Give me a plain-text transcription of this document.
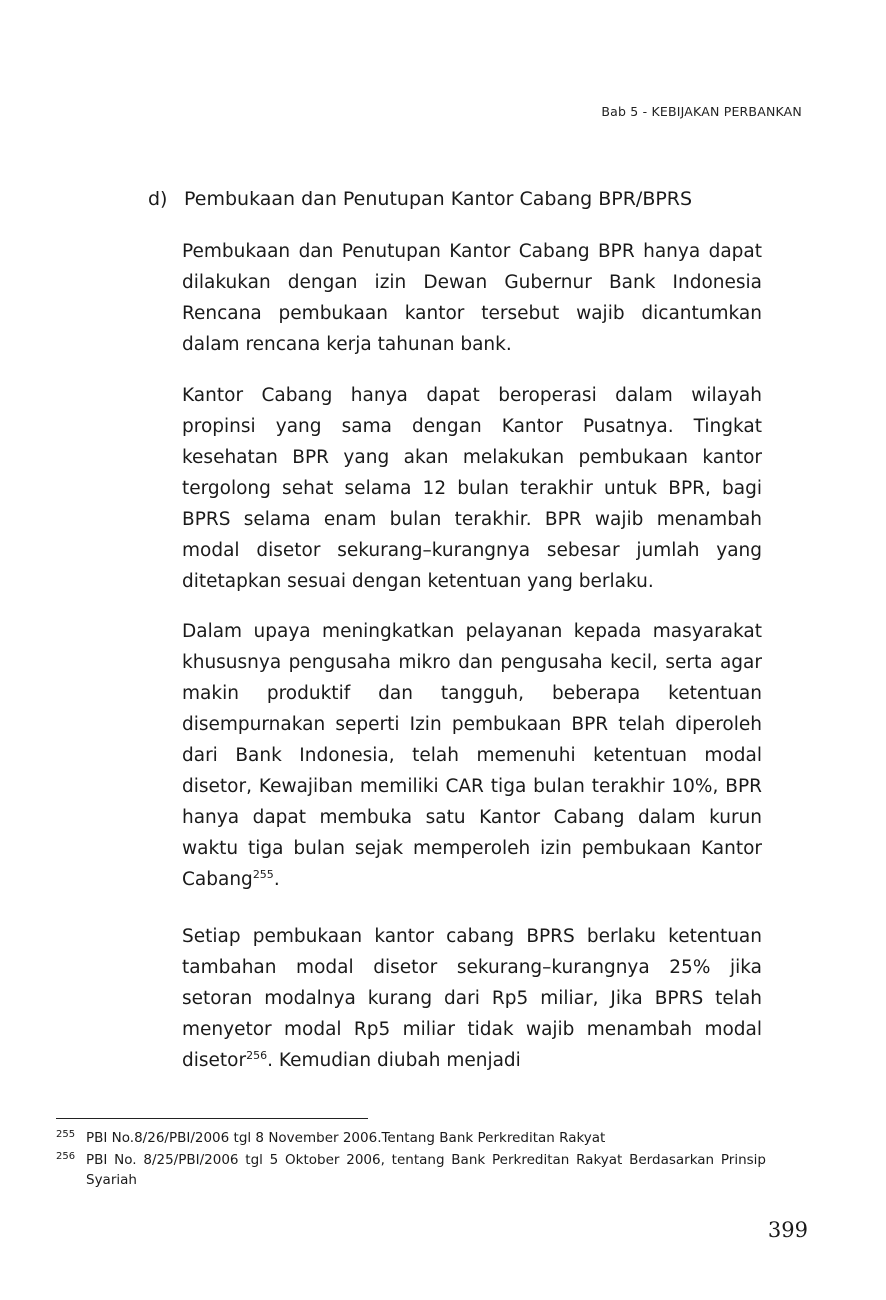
Bab 5 - KEBIJAKAN PERBANKAN
d) Pembukaan dan Penutupan Kantor Cabang BPR/BPRS

Pembukaan dan Penutupan Kantor Cabang BPR hanya dapat dilakukan dengan izin Dewan Gubernur Bank Indonesia Rencana pembukaan kantor tersebut wajib dicantumkan dalam rencana kerja tahunan bank.

Kantor Cabang hanya dapat beroperasi dalam wilayah propinsi yang sama dengan Kantor Pusatnya. Tingkat kesehatan BPR yang akan melakukan pembukaan kantor tergolong sehat selama 12 bulan terakhir untuk BPR, bagi BPRS selama enam bulan terakhir. BPR wajib menambah modal disetor sekurang–kurangnya sebesar jumlah yang ditetapkan sesuai dengan ketentuan yang berlaku.

Dalam upaya meningkatkan pelayanan kepada masyarakat khususnya pengusaha mikro dan pengusaha kecil, serta agar makin produktif dan tangguh, beberapa ketentuan disempurnakan seperti Izin pembukaan BPR telah diperoleh dari Bank Indonesia, telah memenuhi ketentuan modal disetor, Kewajiban memiliki CAR tiga bulan terakhir 10%, BPR hanya dapat membuka satu Kantor Cabang dalam kurun waktu tiga bulan sejak memperoleh izin pembukaan Kantor Cabang$^{255}$.

Setiap pembukaan kantor cabang BPRS berlaku ketentuan tambahan modal disetor sekurang–kurangnya 25% jika setoran modalnya kurang dari Rp5 miliar, Jika BPRS telah menyetor modal Rp5 miliar tidak wajib menambah modal disetor$^{256}$. Kemudian diubah menjadi

255 PBI No.8/26/PBI/2006 tgl 8 November 2006.Tentang Bank Perkreditan Rakyat
256 PBI No. 8/25/PBI/2006 tgl 5 Oktober 2006, tentang Bank Perkreditan Rakyat Berdasarkan Prinsip Syariah
399
